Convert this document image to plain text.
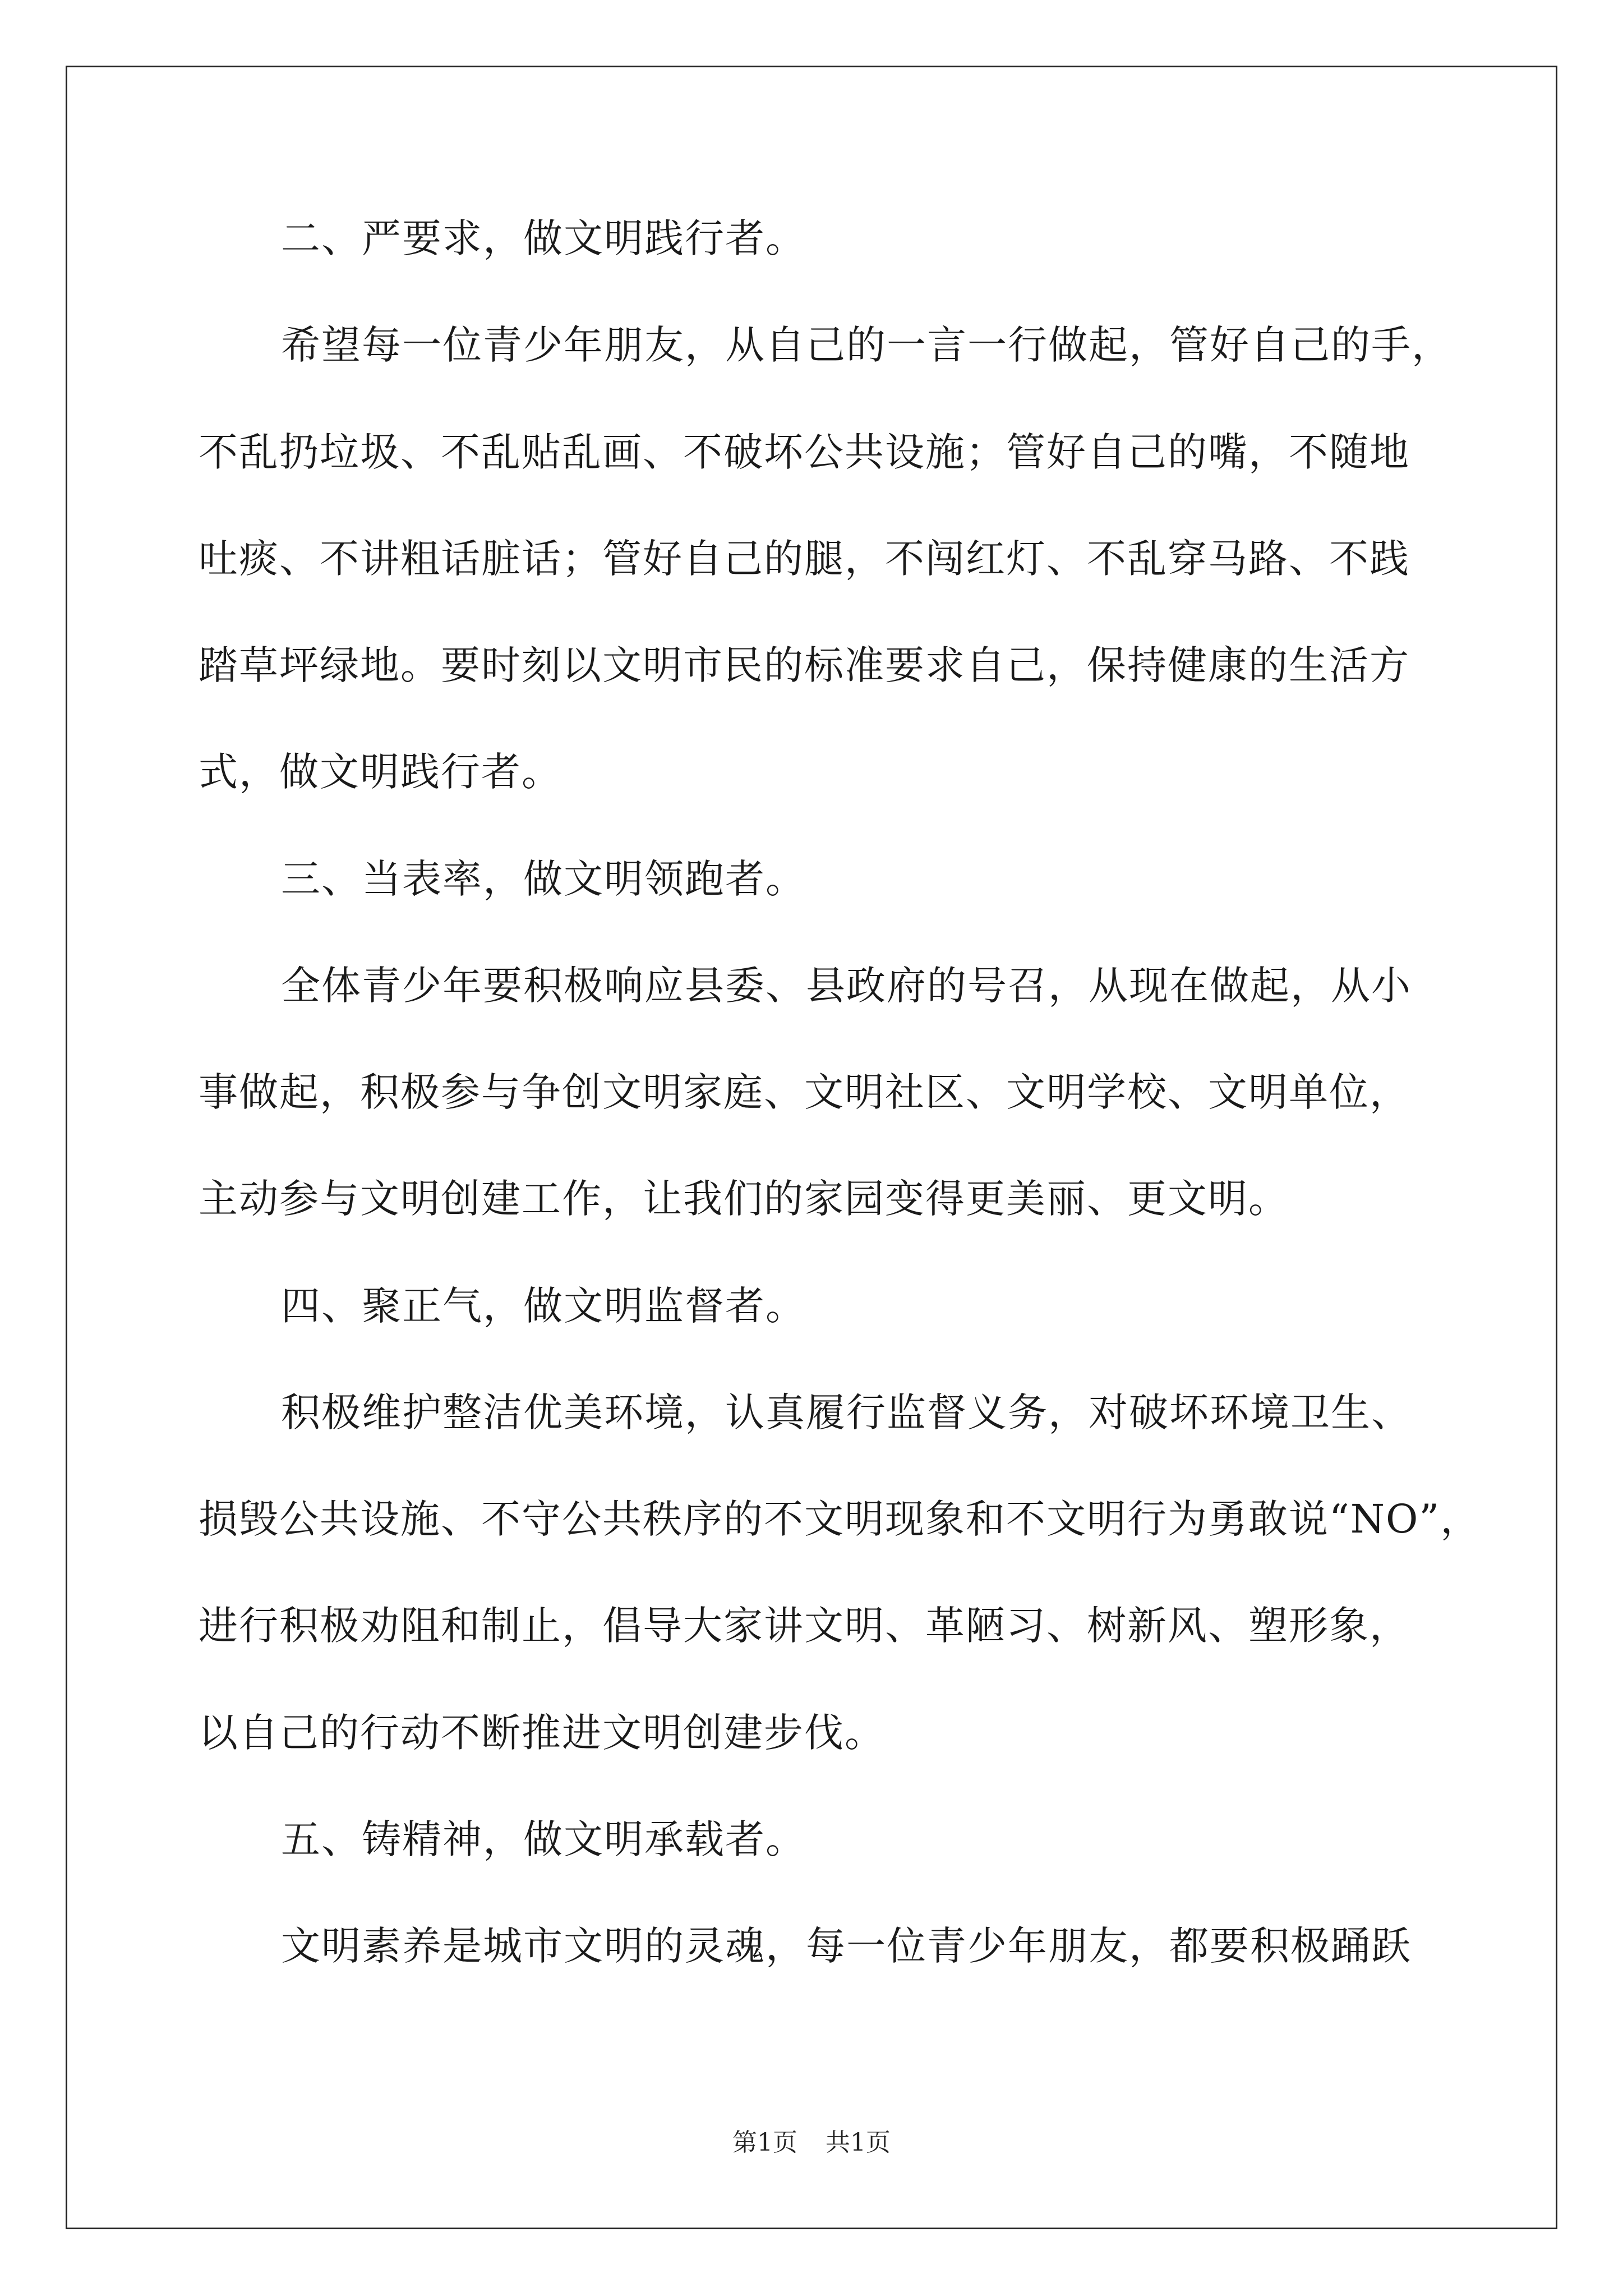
二、严要求，做文明践行者。
希望每一位青少年朋友，从自己的一言一行做起，管好自己的手，
不乱扔垃圾、不乱贴乱画、不破坏公共设施；管好自己的嘴，不随地
吐痰、不讲粗话脏话；管好自己的腿，不闯红灯、不乱穿马路、不践
踏草坪绿地。要时刻以文明市民的标准要求自己，保持健康的生活方
式，做文明践行者。
三、当表率，做文明领跑者。
全体青少年要积极响应县委、县政府的号召，从现在做起，从小
事做起，积极参与争创文明家庭、文明社区、文明学校、文明单位，
主动参与文明创建工作，让我们的家园变得更美丽、更文明。
四、聚正气，做文明监督者。
积极维护整洁优美环境，认真履行监督义务，对破坏环境卫生、
损毁公共设施、不守公共秩序的不文明现象和不文明行为勇敢说“NO”，
进行积极劝阻和制止，倡导大家讲文明、革陋习、树新风、塑形象，
以自己的行动不断推进文明创建步伐。
五、铸精神，做文明承载者。
文明素养是城市文明的灵魂，每一位青少年朋友，都要积极踊跃
第1页 共1页
